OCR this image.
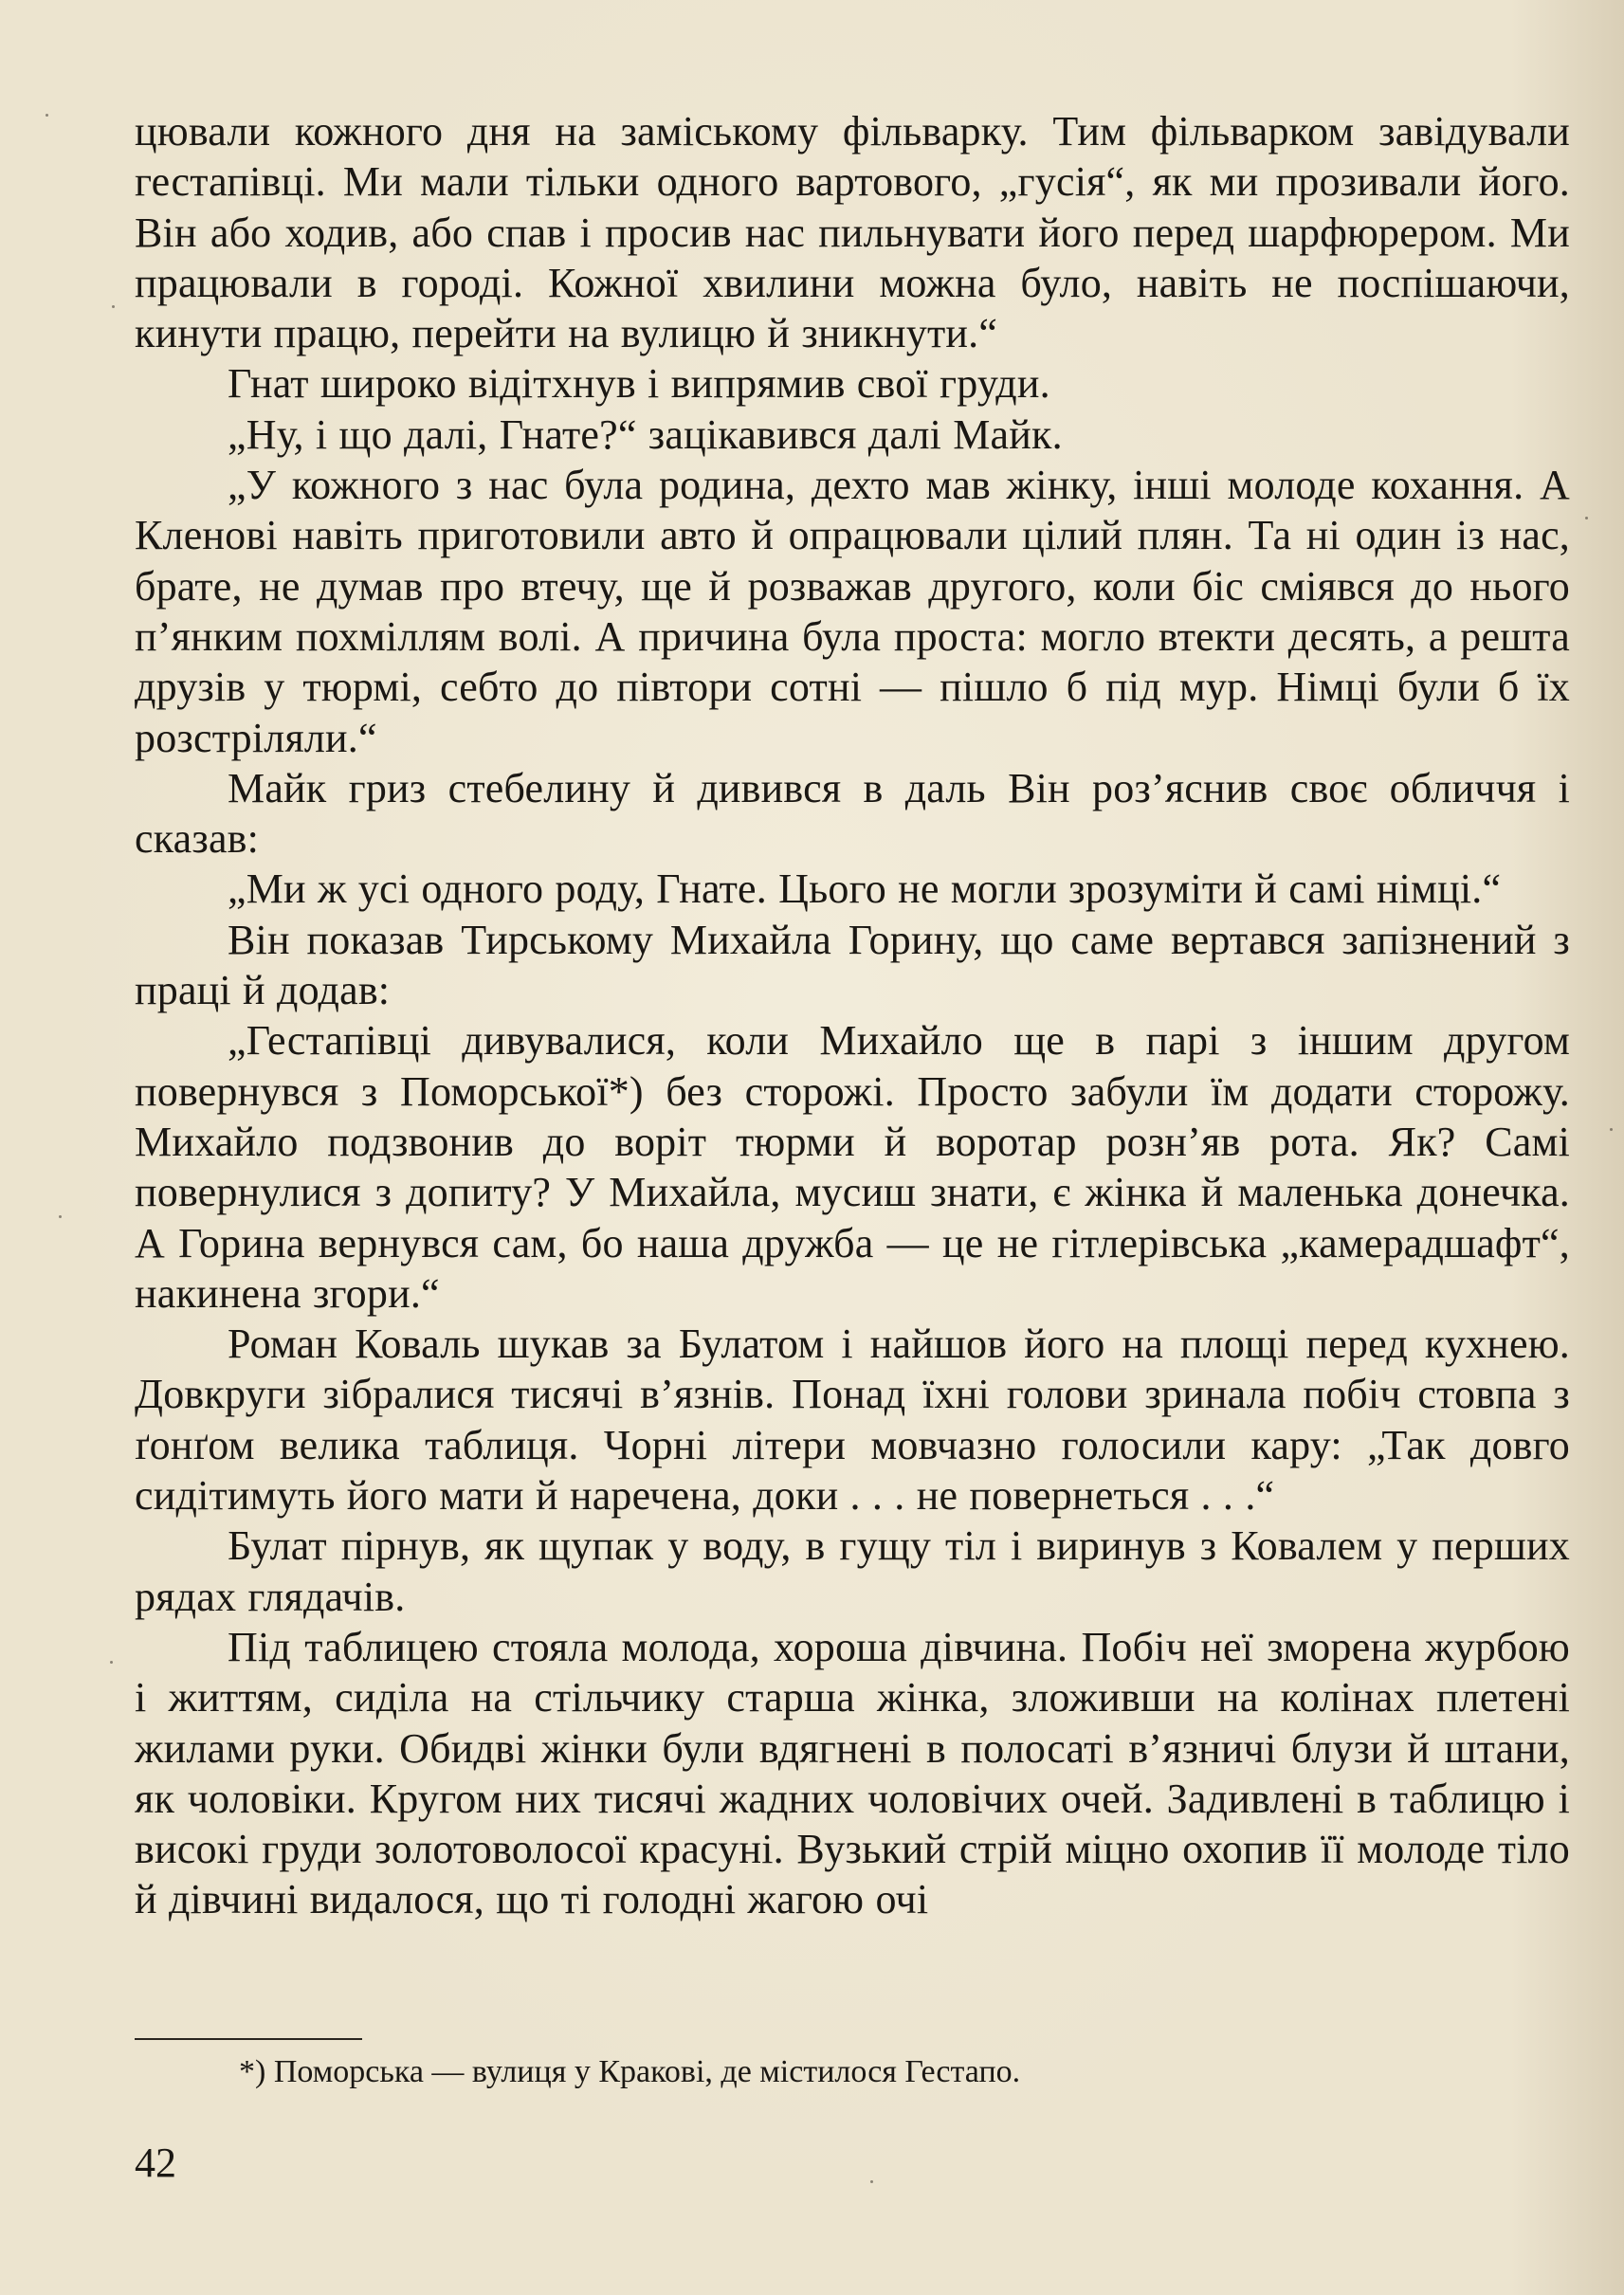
цювали кожного дня на заміському фільварку. Тим фільварком завідували гестапівці. Ми мали тільки одного вартового, „гусія“, як ми прозивали його. Він або ходив, або спав і просив нас пильнувати його перед шарфюрером. Ми працювали в городі. Кожної хвилини можна було, навіть не поспішаючи, кинути працю, перейти на вулицю й зникнути.“

Гнат широко відітхнув і випрямив свої груди.

„Ну, і що далі, Гнате?“ зацікавився далі Майк.

„У кожного з нас була родина, дехто мав жінку, інші молоде кохання. А Кленові навіть приготовили авто й опрацювали цілий плян. Та ні один із нас, брате, не думав про втечу, ще й розважав другого, коли біс сміявся до нього п’янким похміллям волі. А причина була проста: могло втекти десять, а решта друзів у тюрмі, себто до півтори сотні — пішло б під мур. Німці були б їх розстріляли.“

Майк гриз стебелину й дивився в даль Він роз’яснив своє обличчя і сказав:

„Ми ж усі одного роду, Гнате. Цього не могли зрозуміти й самі німці.“

Він показав Тирському Михайла Горину, що саме вертався запізнений з праці й додав:

„Гестапівці дивувалися, коли Михайло ще в парі з іншим другом повернувся з Поморської*) без сторожі. Просто забули їм додати сторожу. Михайло подзвонив до воріт тюрми й воротар розн’яв рота. Як? Самі повернулися з допиту? У Михайла, мусиш знати, є жінка й маленька донечка. А Горина вернувся сам, бо наша дружба — це не гітлерівська „камерадшафт“, накинена згори.“

Роман Коваль шукав за Булатом і найшов його на площі перед кухнею. Довкруги зібралися тисячі в’язнів. Понад їхні голови зринала побіч стовпа з ґонґом велика таблиця. Чорні літери мовчазно голосили кару: „Так довго сидітимуть його мати й наречена, доки . . . не повернеться . . .“

Булат пірнув, як щупак у воду, в гущу тіл і виринув з Ковалем у перших рядах глядачів.

Під таблицею стояла молода, хороша дівчина. Побіч неї зморена журбою і життям, сиділа на стільчику старша жінка, зложивши на колінах плетені жилами руки. Обидві жінки були вдягнені в полосаті в’язничі блузи й штани, як чоловіки. Кругом них тисячі жадних чоловічих очей. Задивлені в таблицю і високі груди золотоволосої красуні. Вузький стрій міцно охопив її молоде тіло й дівчині видалося, що ті голодні жагою очі

*) Поморська — вулиця у Кракові, де містилося Гестапо.

42
